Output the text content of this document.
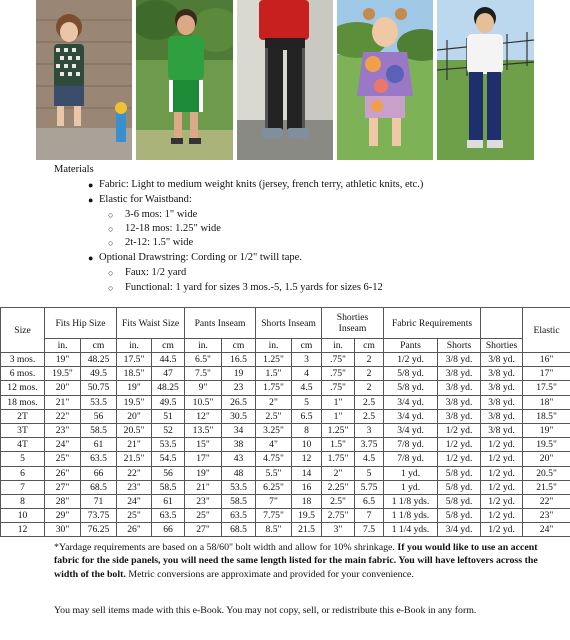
Materials
● Fabric: Light to medium weight knits (jersey, french terry, athletic knits, etc.)
● Elastic for Waistband:
○ 3-6 mos: 1" wide
○ 12-18 mos: 1.25" wide
○ 2t-12: 1.5" wide
● Optional Drawstring: Cording or 1/2" twill tape.
○ Faux: 1/2 yard
○ Functional: 1 yard for sizes 3 mos.-5, 1.5 yards for sizes 6-12
Size	Fits Hip Size		Fits Waist Size		Pants Inseam		Shorts Inseam		Shorties Inseam		Fabric Requirements			Elastic
	in.	cm	in.	cm	in.	cm	in.	cm	in.	cm	Pants	Shorts	Shorties	
3 mos.	19"	48.25	17.5"	44.5	6.5"	16.5	1.25"	3	.75"	2	1/2 yd.	3/8 yd.	3/8 yd.	16"
6 mos.	19.5"	49.5	18.5"	47	7.5"	19	1.5"	4	.75"	2	5/8 yd.	3/8 yd.	3/8 yd.	17"
12 mos.	20"	50.75	19"	48.25	9"	23	1.75"	4.5	.75"	2	5/8 yd.	3/8 yd.	3/8 yd.	17.5"
18 mos.	21"	53.5	19.5"	49.5	10.5"	26.5	2"	5	1"	2.5	3/4 yd.	3/8 yd.	3/8 yd.	18"
2T	22"	56	20"	51	12"	30.5	2.5"	6.5	1"	2.5	3/4 yd.	3/8 yd.	3/8 yd.	18.5"
3T	23"	58.5	20.5"	52	13.5"	34	3.25"	8	1.25"	3	3/4 yd.	1/2 yd.	3/8 yd.	19"
4T	24"	61	21"	53.5	15"	38	4"	10	1.5"	3.75	7/8 yd.	1/2 yd.	1/2 yd.	19.5"
5	25"	63.5	21.5"	54.5	17"	43	4.75"	12	1.75"	4.5	7/8 yd.	1/2 yd.	1/2 yd.	20"
6	26"	66	22"	56	19"	48	5.5"	14	2"	5	1 yd.	5/8 yd.	1/2 yd.	20.5"
7	27"	68.5	23"	58.5	21"	53.5	6.25"	16	2.25"	5.75	1 yd.	5/8 yd.	1/2 yd.	21.5"
8	28"	71	24"	61	23"	58.5	7"	18	2.5"	6.5	1 1/8 yds.	5/8 yd.	1/2 yd.	22"
10	29"	73.75	25"	63.5	25"	63.5	7.75"	19.5	2.75"	7	1 1/8 yds.	5/8 yd.	1/2 yd.	23"
12	30"	76.25	26"	66	27"	68.5	8.5"	21.5	3"	7.5	1 1/4 yds.	3/4 yd.	1/2 yd.	24"
*Yardage requirements are based on a 58/60" bolt width and allow for 10% shrinkage. If you would like to use an accent fabric for the side panels, you will need the same length listed for the main fabric. You will have leftovers across the width of the bolt. Metric conversions are approximate and provided for your convenience.
You may sell items made with this e-Book. You may not copy, sell, or redistribute this e-Book in any form.
